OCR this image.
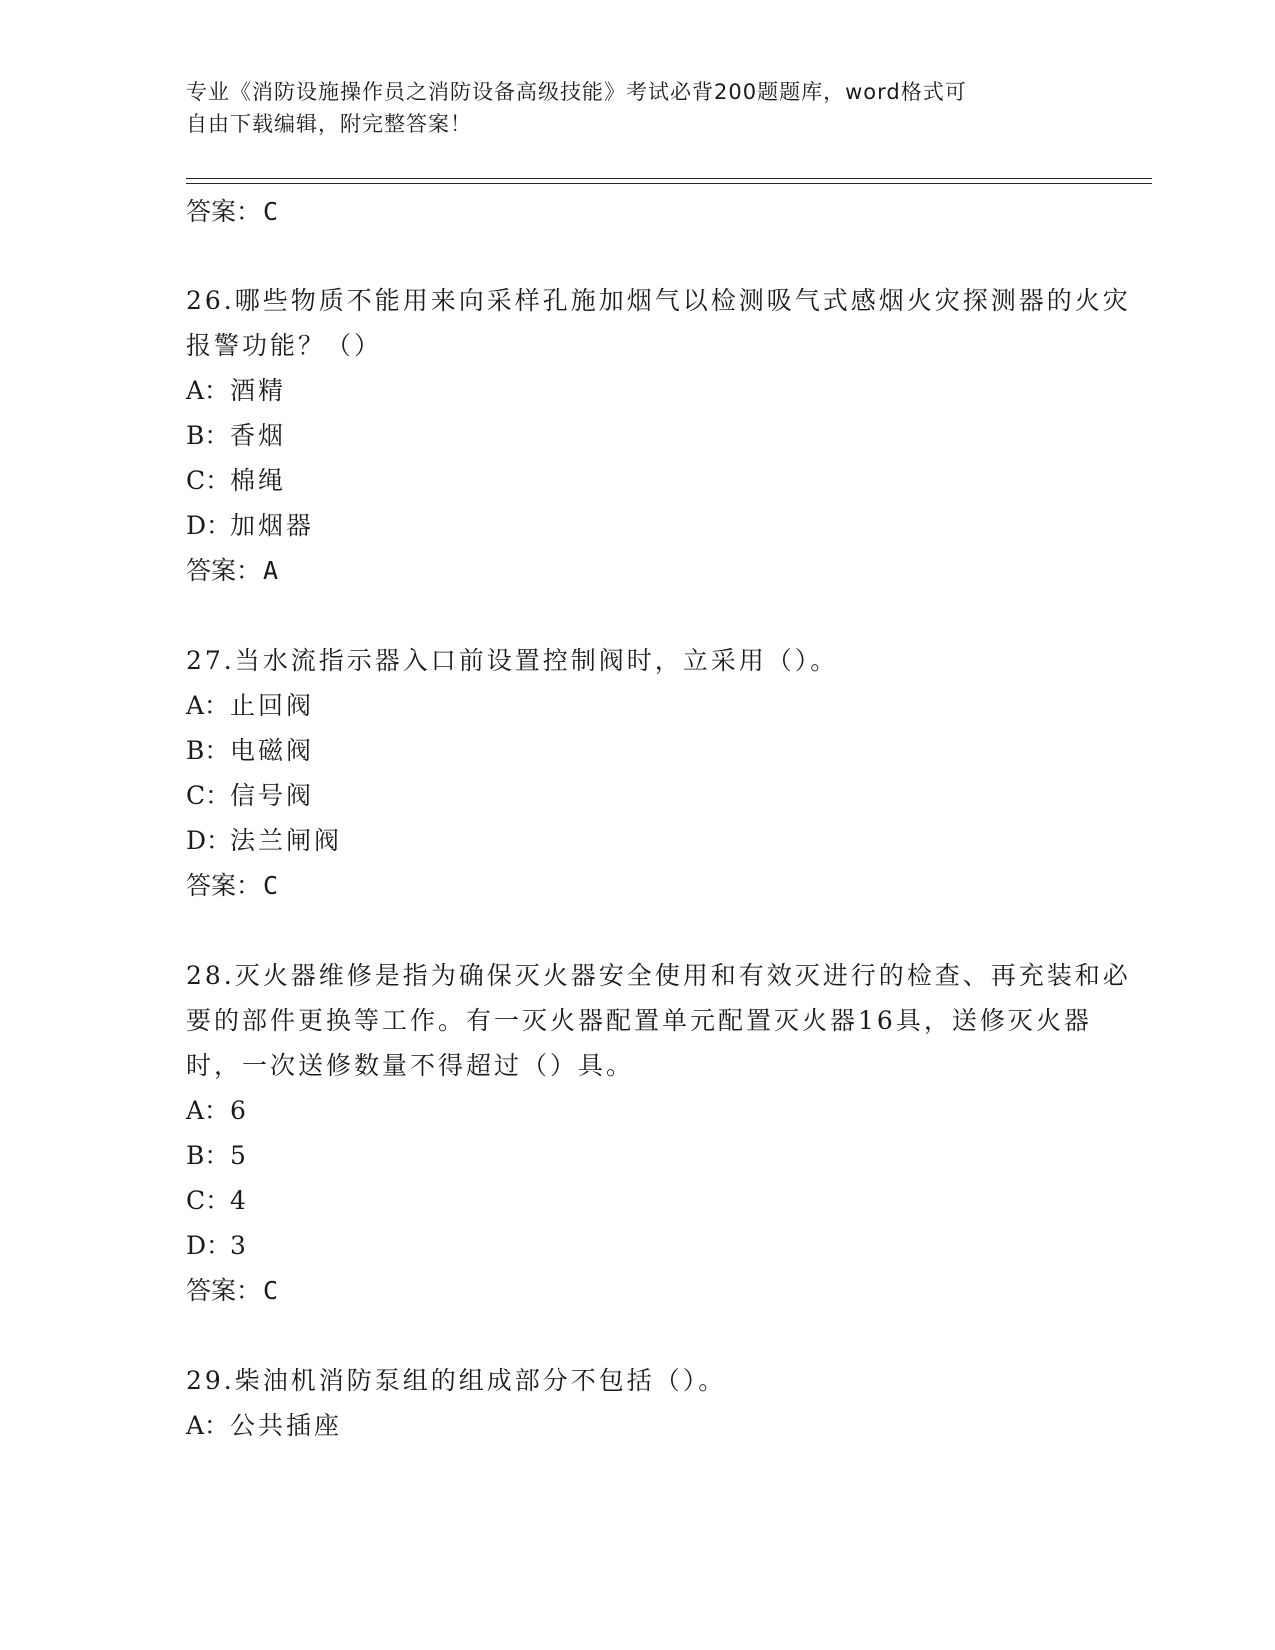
专业《消防设施操作员之消防设备高级技能》考试必背200题题库，word格式可
自由下载编辑，附完整答案！
答案：C

26.哪些物质不能用来向采样孔施加烟气以检测吸气式感烟火灾探测器的火灾报警功能？（）

A：酒精
B：香烟
C：棉绳
D：加烟器
答案：A

27.当水流指示器入口前设置控制阀时，立采用（）。

A：止回阀
B：电磁阀
C：信号阀
D：法兰闸阀
答案：C

28.灭火器维修是指为确保灭火器安全使用和有效灭进行的检查、再充装和必要的部件更换等工作。有一灭火器配置单元配置灭火器16具，送修灭火器时，一次送修数量不得超过（）具。

A：6
B：5
C：4
D：3
答案：C

29.柴油机消防泵组的组成部分不包括（）。

A：公共插座
